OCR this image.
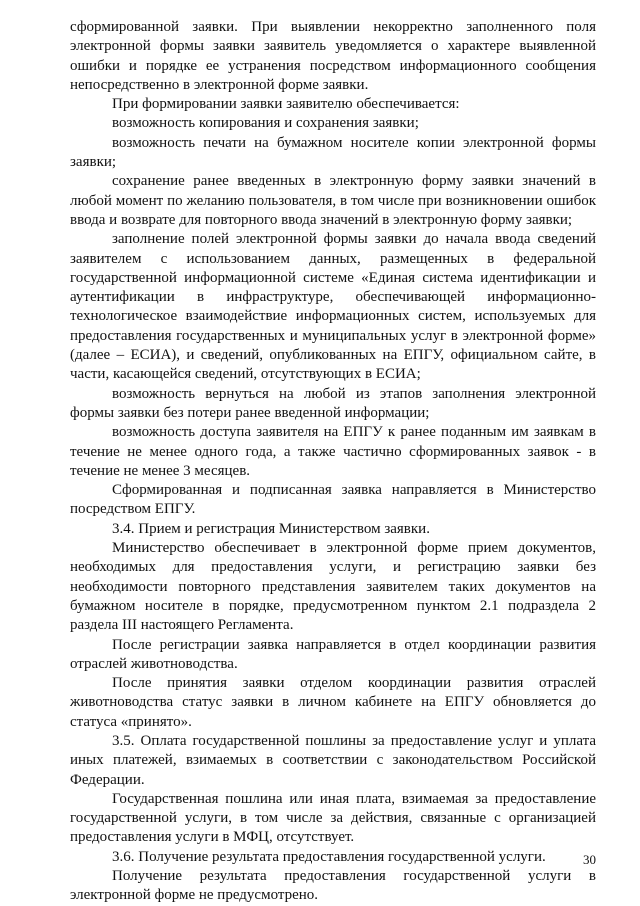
сформированной заявки. При выявлении некорректно заполненного поля электронной формы заявки заявитель уведомляется о характере выявленной ошибки и порядке ее устранения посредством информационного сообщения непосредственно в электронной форме заявки.

При формировании заявки заявителю обеспечивается:

возможность копирования и сохранения заявки;

возможность печати на бумажном носителе копии электронной формы заявки;

сохранение ранее введенных в электронную форму заявки значений в любой момент по желанию пользователя, в том числе при возникновении ошибок ввода и возврате для повторного ввода значений в электронную форму заявки;

заполнение полей электронной формы заявки до начала ввода сведений заявителем с использованием данных, размещенных в федеральной государственной информационной системе «Единая система идентификации и аутентификации в инфраструктуре, обеспечивающей информационно-технологическое взаимодействие информационных систем, используемых для предоставления государственных и муниципальных услуг в электронной форме» (далее – ЕСИА), и сведений, опубликованных на ЕПГУ, официальном сайте, в части, касающейся сведений, отсутствующих в ЕСИА;

возможность вернуться на любой из этапов заполнения электронной формы заявки без потери ранее введенной информации;

возможность доступа заявителя на ЕПГУ к ранее поданным им заявкам в течение не менее одного года, а также частично сформированных заявок - в течение не менее 3 месяцев.

Сформированная и подписанная заявка направляется в Министерство посредством ЕПГУ.

3.4. Прием и регистрация Министерством заявки.

Министерство обеспечивает в электронной форме прием документов, необходимых для предоставления услуги, и регистрацию заявки без необходимости повторного представления заявителем таких документов на бумажном носителе в порядке, предусмотренном пунктом 2.1 подраздела 2 раздела III настоящего Регламента.

После регистрации заявка направляется в отдел координации развития отраслей животноводства.

После принятия заявки отделом координации развития отраслей животноводства статус заявки в личном кабинете на ЕПГУ обновляется до статуса «принято».

3.5. Оплата государственной пошлины за предоставление услуг и уплата иных платежей, взимаемых в соответствии с законодательством Российской Федерации.

Государственная пошлина или иная плата, взимаемая за предоставление государственной услуги, в том числе за действия, связанные с организацией предоставления услуги в МФЦ, отсутствует.

3.6. Получение результата предоставления государственной услуги.

Получение результата предоставления государственной услуги в электронной форме не предусмотрено.

30
